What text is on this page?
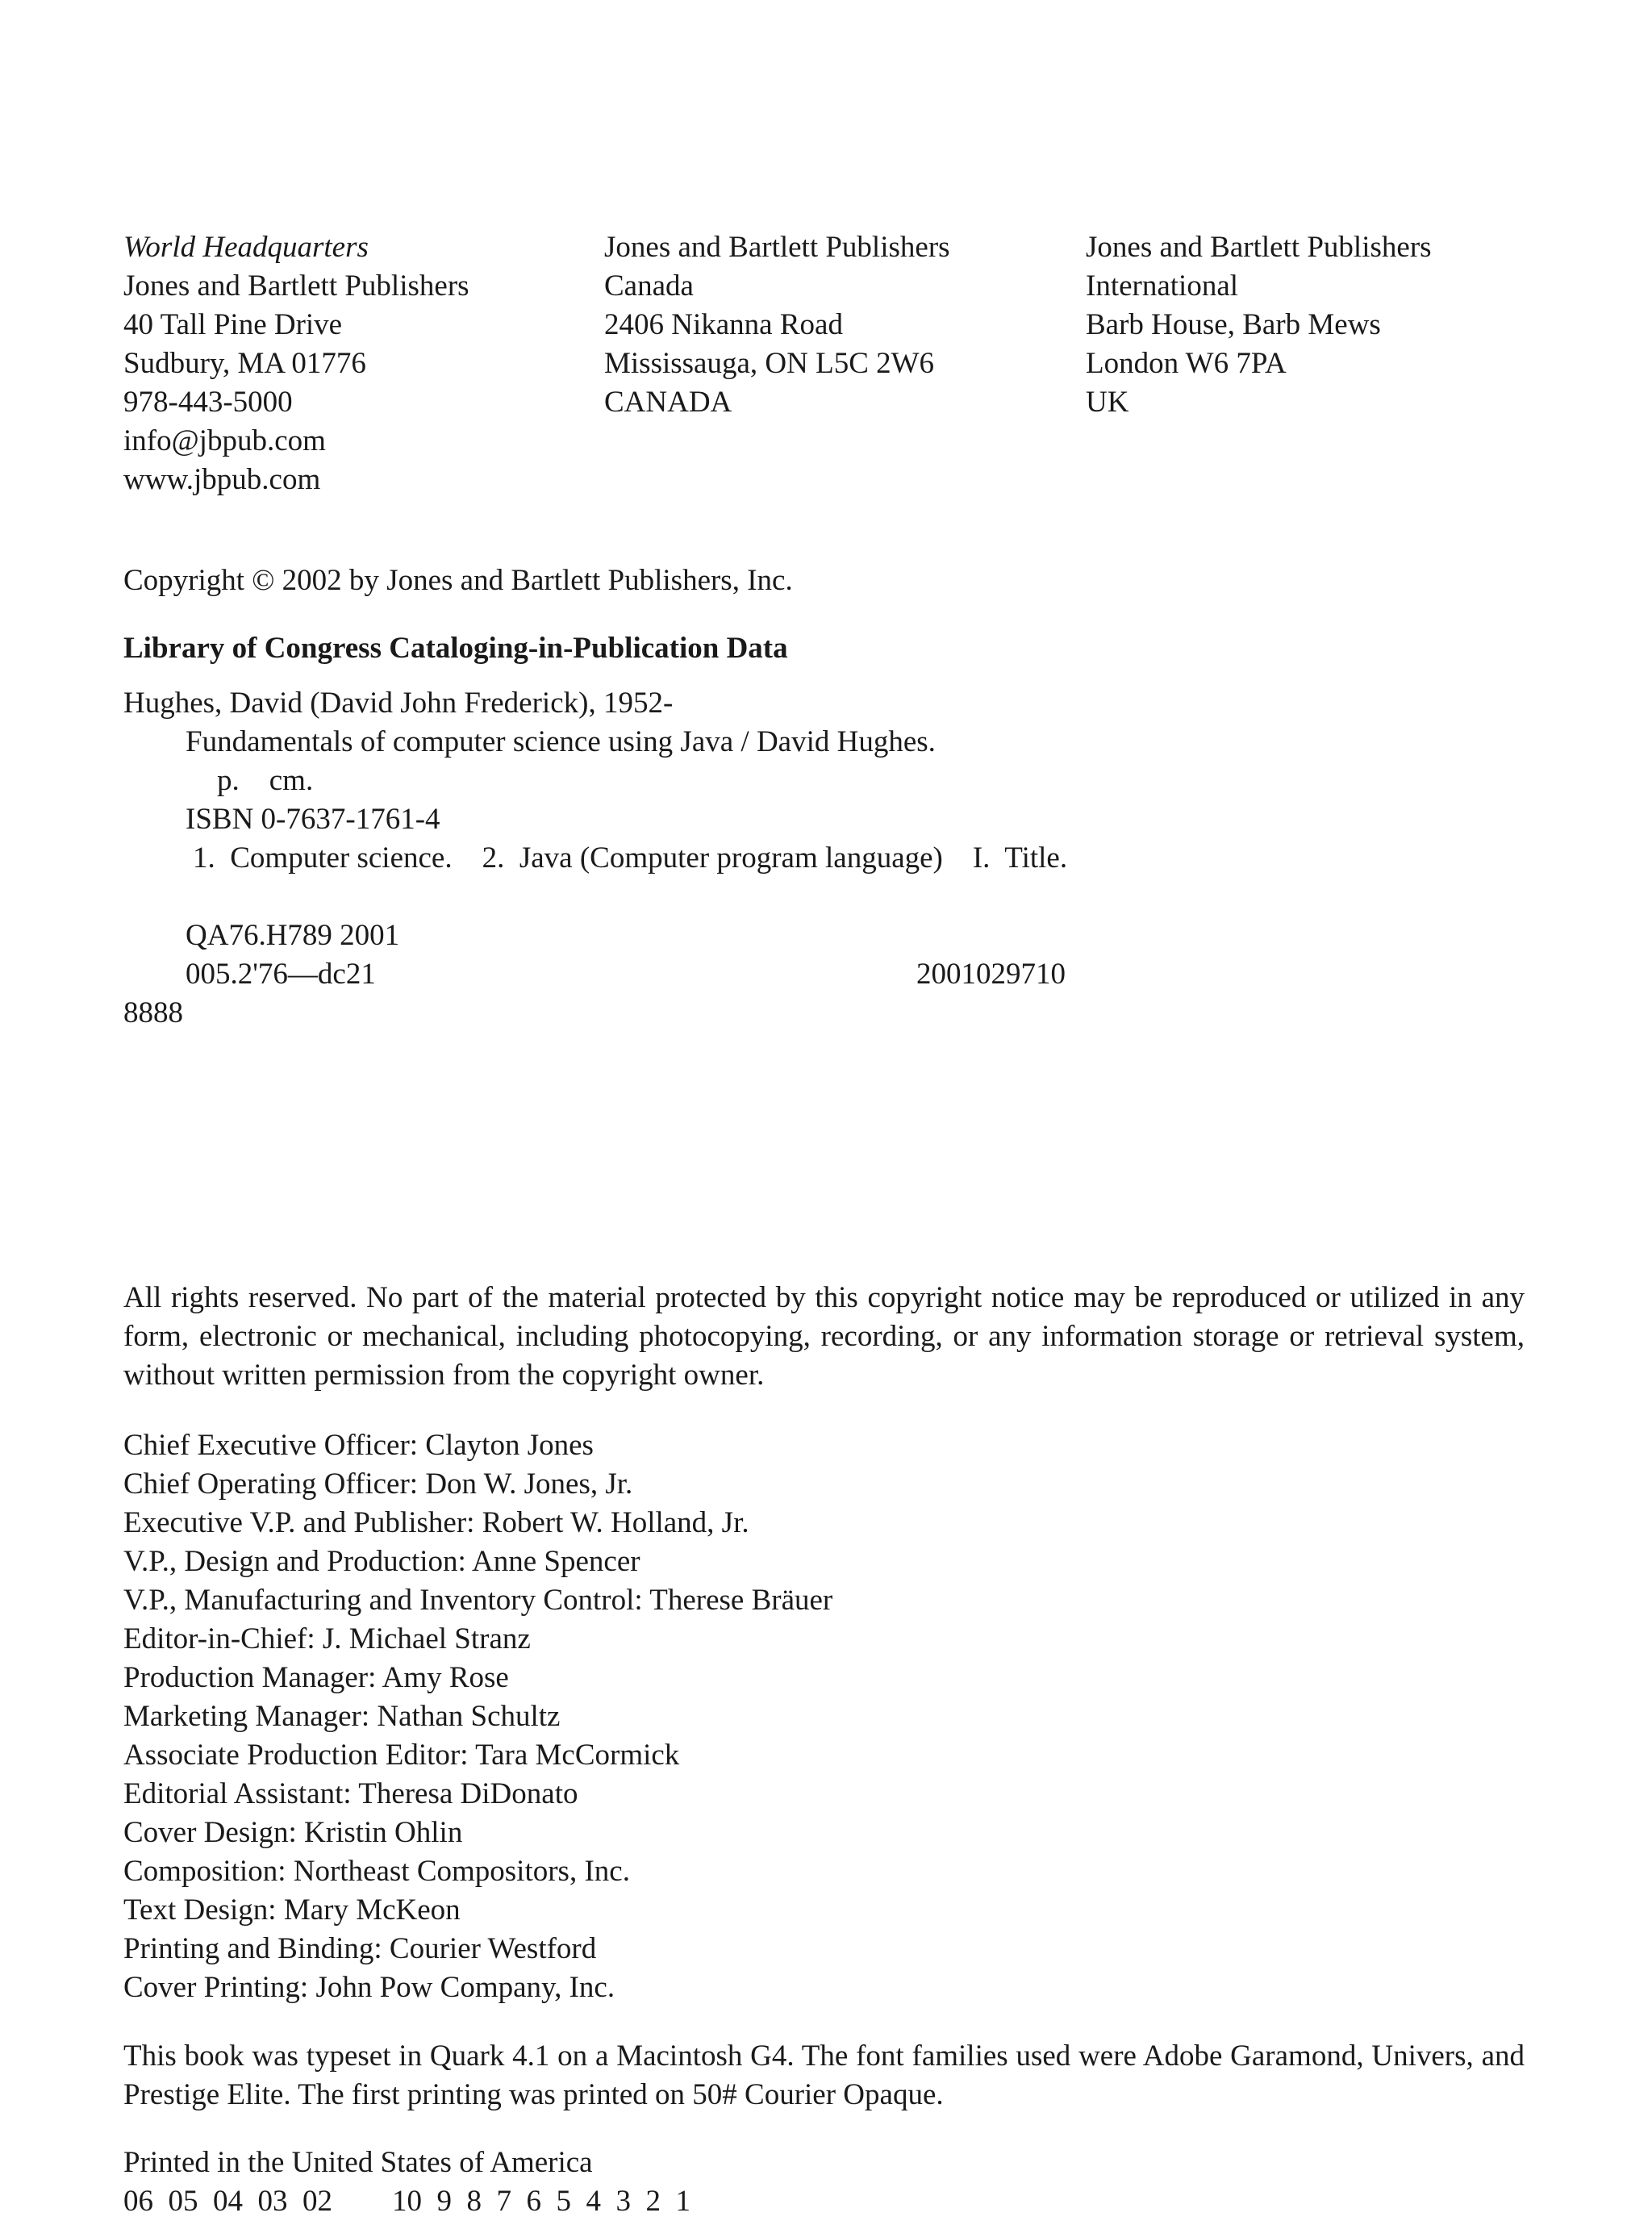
World Headquarters
Jones and Bartlett Publishers
40 Tall Pine Drive
Sudbury, MA 01776
978-443-5000
info@jbpub.com
www.jbpub.com
Jones and Bartlett Publishers
Canada
2406 Nikanna Road
Mississauga, ON L5C 2W6
CANADA
Jones and Bartlett Publishers
International
Barb House, Barb Mews
London W6 7PA
UK
Copyright © 2002 by Jones and Bartlett Publishers, Inc.
Library of Congress Cataloging-in-Publication Data
Hughes, David (David John Frederick), 1952-
Fundamentals of computer science using Java / David Hughes.
p.    cm.
ISBN 0-7637-1761-4
1.  Computer science.    2.  Java (Computer program language)    I.  Title.
QA76.H789 2001
005.2'76—dc21	2001029710
8888
All rights reserved. No part of the material protected by this copyright notice may be reproduced or utilized in any form, electronic or mechanical, including photocopying, recording, or any information storage or retrieval system, without written permission from the copyright owner.
Chief Executive Officer: Clayton Jones
Chief Operating Officer: Don W. Jones, Jr.
Executive V.P. and Publisher: Robert W. Holland, Jr.
V.P., Design and Production: Anne Spencer
V.P., Manufacturing and Inventory Control: Therese Bräuer
Editor-in-Chief: J. Michael Stranz
Production Manager: Amy Rose
Marketing Manager: Nathan Schultz
Associate Production Editor: Tara McCormick
Editorial Assistant: Theresa DiDonato
Cover Design: Kristin Ohlin
Composition: Northeast Compositors, Inc.
Text Design: Mary McKeon
Printing and Binding: Courier Westford
Cover Printing: John Pow Company, Inc.
This book was typeset in Quark 4.1 on a Macintosh G4. The font families used were Adobe Garamond, Univers, and Prestige Elite. The first printing was printed on 50# Courier Opaque.
Printed in the United States of America
06  05  04  03  02        10  9  8  7  6  5  4  3  2  1
